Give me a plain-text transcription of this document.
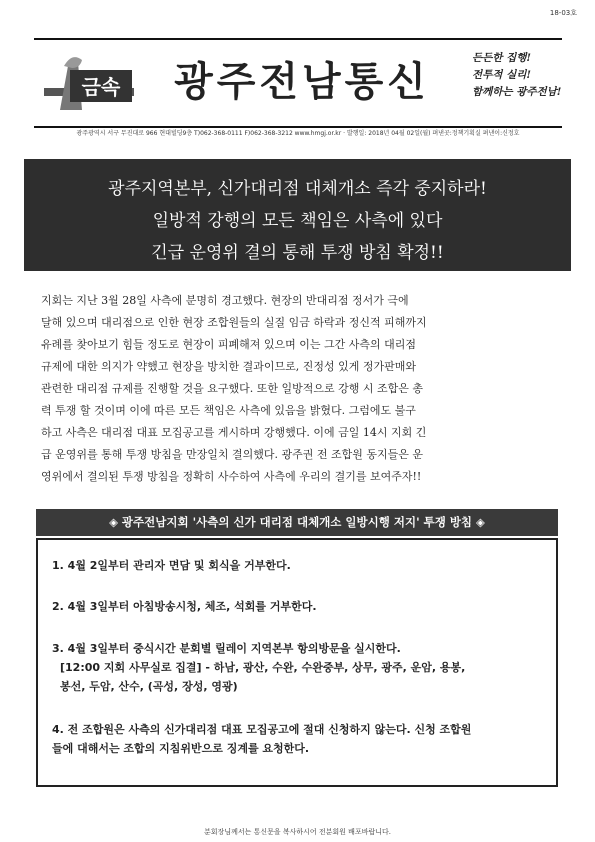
18-03호
금속	광주전남통신	든든한 집행!
전투적 실리!
함께하는 광주전남!
광주광역시 서구 무진대로 966 현대빌딩9층 T)062-368-0111 F)062-368-3212 www.hmgj.or.kr · 발행일: 2018년 04월 02일(월) 펴낸곳:정책기획실 펴낸이:신정호
광주지역본부, 신가대리점 대체개소 즉각 중지하라!
일방적 강행의 모든 책임은 사측에 있다
긴급 운영위 결의 통해 투쟁 방침 확정!!
지회는 지난 3월 28일 사측에 분명히 경고했다. 현장의 반대리점 정서가 극에
달해 있으며 대리점으로 인한 현장 조합원들의 실질 임금 하락과 정신적 피해까지
유례를 찾아보기 힘들 정도로 현장이 피폐해져 있으며 이는 그간 사측의 대리점
규제에 대한 의지가 약했고 현장을 방치한 결과이므로, 진정성 있게 정가판매와
관련한 대리점 규제를 진행할 것을 요구했다. 또한 일방적으로 강행 시 조합은 총
력 투쟁 할 것이며 이에 따른 모든 책임은 사측에 있음을 밝혔다. 그럼에도 불구
하고 사측은 대리점 대표 모집공고를 게시하며 강행했다. 이에 금일 14시 지회 긴
급 운영위를 통해 투쟁 방침을 만장일치 결의했다. 광주권 전 조합원 동지들은 운
영위에서 결의된 투쟁 방침을 정확히 사수하여 사측에 우리의 결기를 보여주자!!
◈ 광주전남지회 '사측의 신가 대리점 대체개소 일방시행 저지' 투쟁 방침 ◈
1. 4월 2일부터 관리자 면담 및 회식을 거부한다.
2. 4월 3일부터 아침방송시청, 체조, 석회를 거부한다.
3. 4월 3일부터 중식시간 분회별 릴레이 지역본부 항의방문을 실시한다.
[12:00 지회 사무실로 집결] - 하남, 광산, 수완, 수완중부, 상무, 광주, 운암, 용봉,
봉선, 두암, 산수, (곡성, 장성, 영광)
4. 전 조합원은 사측의 신가대리점 대표 모집공고에 절대 신청하지 않는다. 신청 조합원
들에 대해서는 조합의 지침위반으로 징계를 요청한다.
분회장님께서는 통신문을 복사하시어 전분회원 배포바랍니다.
